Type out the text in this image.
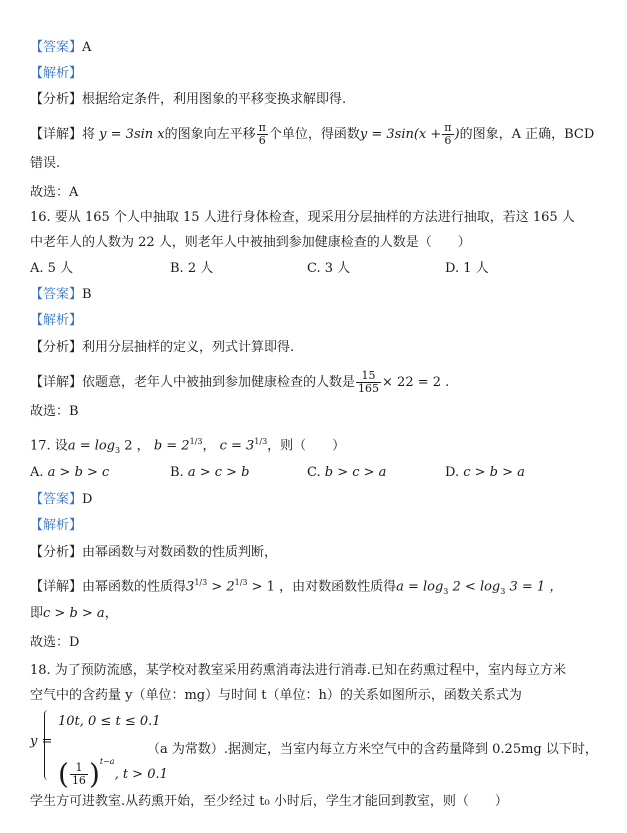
【答案】A
【解析】
【分析】根据给定条件，利用图象的平移变换求解即得.
【详解】将 y = 3sin x的图象向左平移 $\frac{\pi}{6}$ 个单位，得函数$y = 3\sin(x + \frac{\pi}{6}$ )的图象，A 正确，BCD
错误.
故选：A
16. 要从 165 个人中抽取 15 人进行身体检查，现采用分层抽样的方法进行抽取，若这 165 人
中老年人的人数为 22 人，则老年人中被抽到参加健康检查的人数是（　　）
A. 5 人	B. 2 人	C. 3 人	D. 1 人
【答案】B
【解析】
【分析】利用分层抽样的定义，列式计算即得.
【详解】依题意，老年人中被抽到参加健康检查的人数是 $\frac{15}{165} \times 22 = 2$ .
故选：B
17. 设$a = \log_3 2$ ， $b = 2^{1/3}$， $c = 3^{1/3}$，则（　　）
A. a > b > c	B. a > c > b	C. b > c > a	D. c > b > a
【答案】D
【解析】
【分析】由幂函数与对数函数的性质判断，
【详解】由幂函数的性质得$3^{1/3} > 2^{1/3} > 1$ ，由对数函数性质得$a = \log_3 2 < \log_3 3 = 1$ ，
即c > b > a，
故选：D
18. 为了预防流感，某学校对教室采用药熏消毒法进行消毒.已知在药熏过程中，室内每立方米
空气中的含药量 y（单位：mg）与时间 t（单位：h）的关系如图所示，函数关系式为
y =
10t, 0 ≤ t ≤ 0.1
( $\frac{1}{16} )^{t-a}$, t > 0.1
（a 为常数）.据测定，当室内每立方米空气中的含药量降到 0.25mg 以下时，
学生方可进教室.从药熏开始，至少经过 t₀ 小时后，学生才能回到教室，则（　　）
